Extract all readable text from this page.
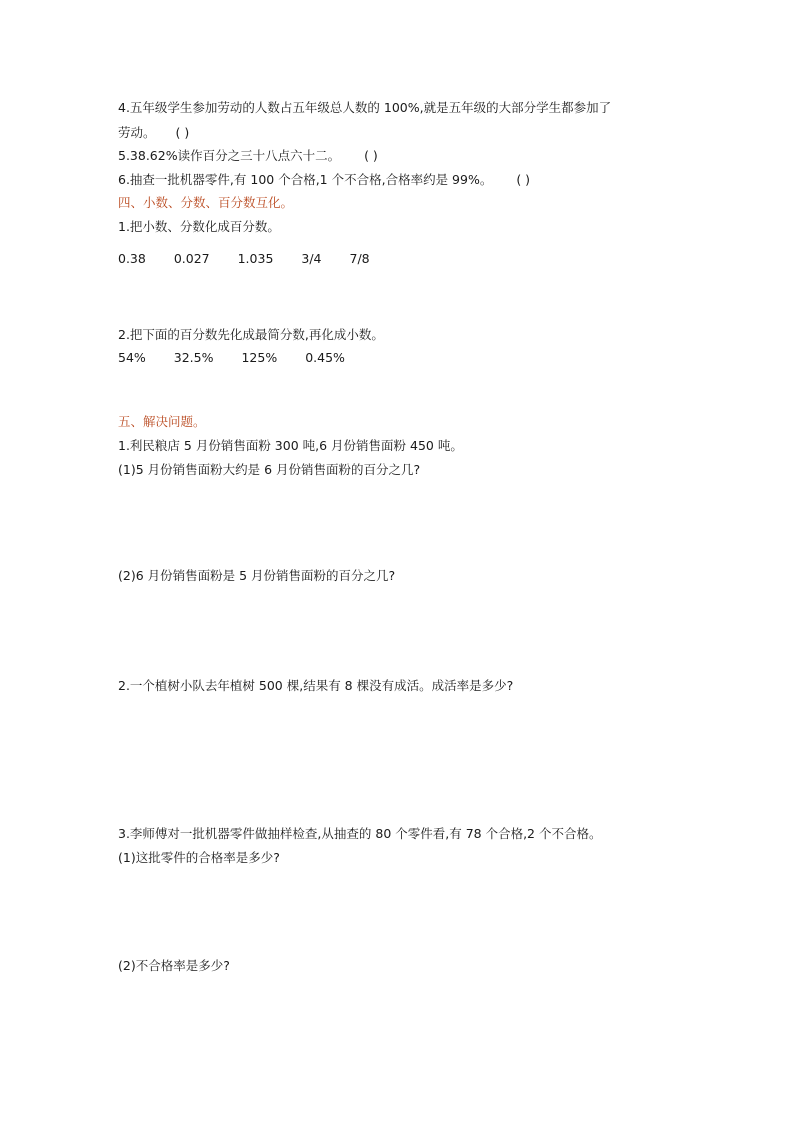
4.五年级学生参加劳动的人数占五年级总人数的 100%,就是五年级的大部分学生都参加了
劳动。 ( )
5.38.62%读作百分之三十八点六十二。 ( )
6.抽查一批机器零件,有 100 个合格,1 个不合格,合格率约是 99%。 ( )
四、小数、分数、百分数互化。
1.把小数、分数化成百分数。
0.38 0.027 1.035 3/4 7/8
2.把下面的百分数先化成最简分数,再化成小数。
54% 32.5% 125% 0.45%
五、解决问题。
1.利民粮店 5 月份销售面粉 300 吨,6 月份销售面粉 450 吨。
(1)5 月份销售面粉大约是 6 月份销售面粉的百分之几?
(2)6 月份销售面粉是 5 月份销售面粉的百分之几?
2.一个植树小队去年植树 500 棵,结果有 8 棵没有成活。成活率是多少?
3.李师傅对一批机器零件做抽样检查,从抽查的 80 个零件看,有 78 个合格,2 个不合格。
(1)这批零件的合格率是多少?
(2)不合格率是多少?
